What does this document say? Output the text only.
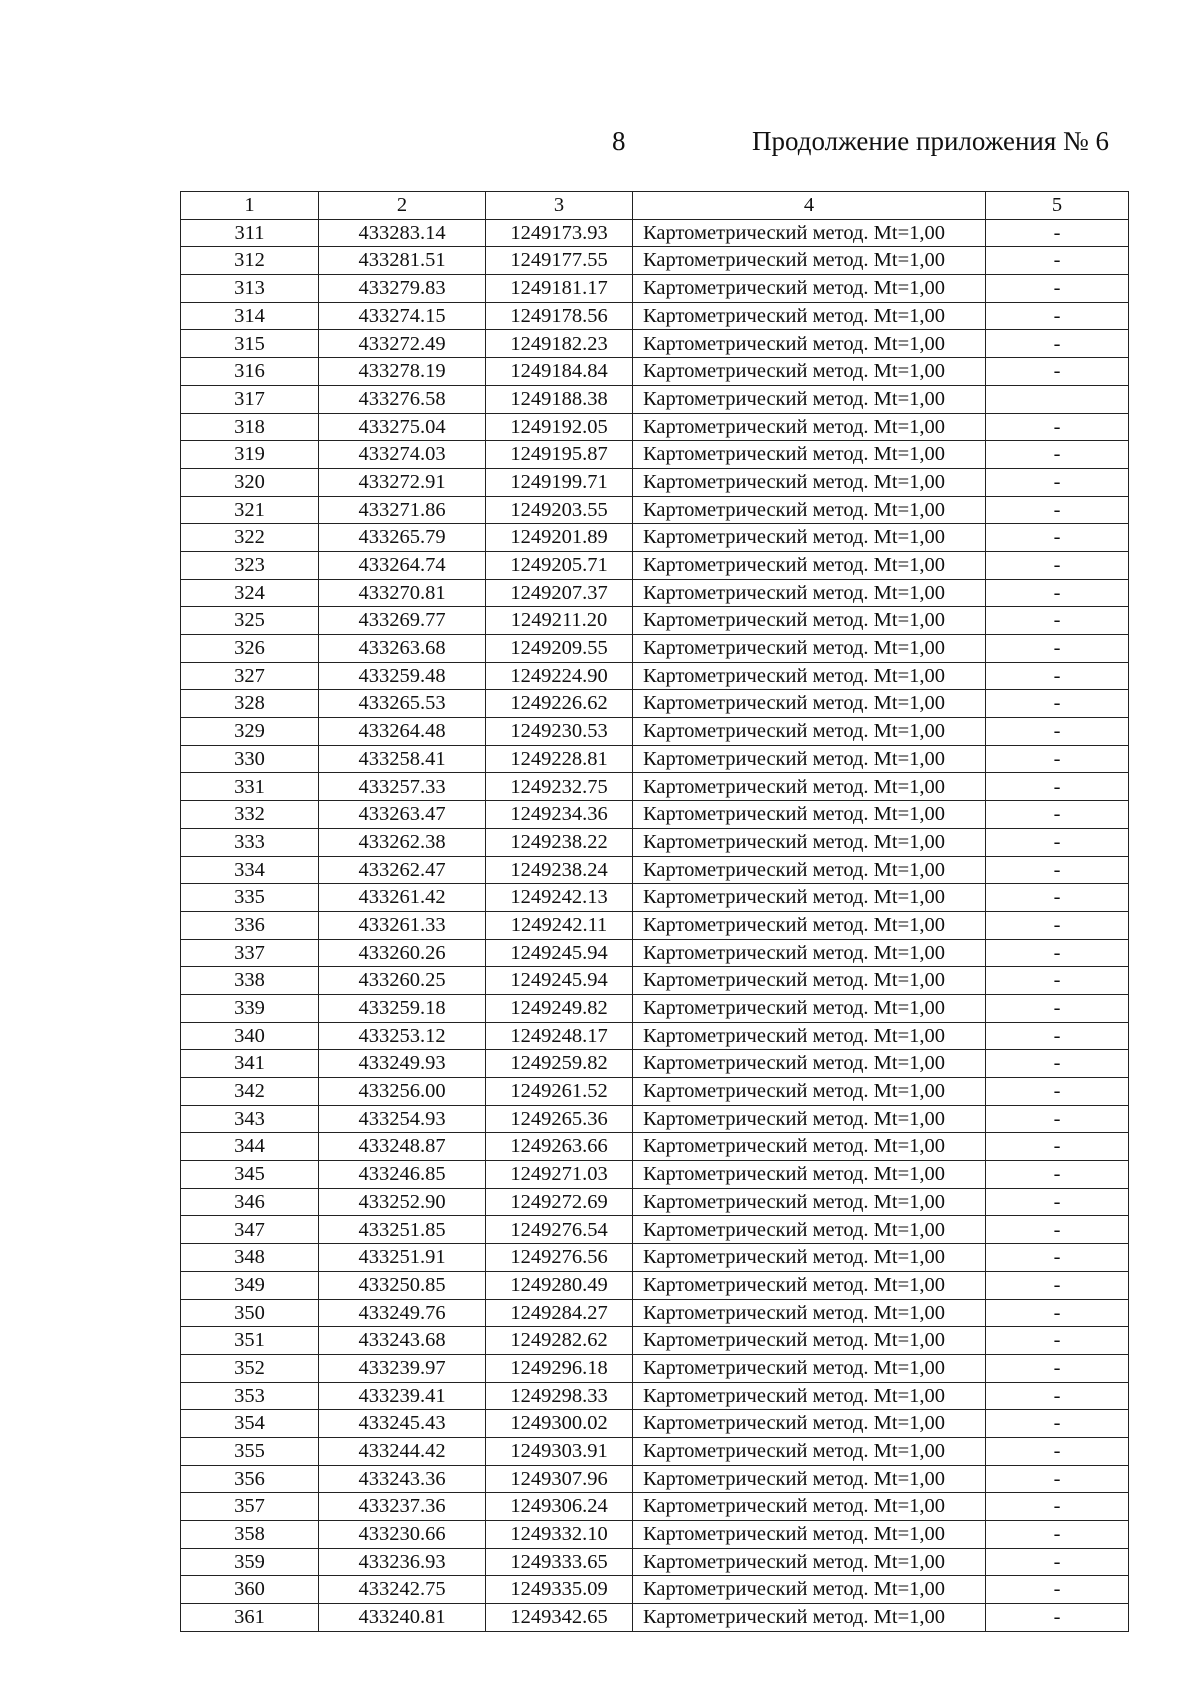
8	Продолжение приложения № 6
1	2	3	4	5
311	433283.14	1249173.93	Картометрический метод. Mt=1,00	-
312	433281.51	1249177.55	Картометрический метод. Mt=1,00	-
313	433279.83	1249181.17	Картометрический метод. Mt=1,00	-
314	433274.15	1249178.56	Картометрический метод. Mt=1,00	-
315	433272.49	1249182.23	Картометрический метод. Mt=1,00	-
316	433278.19	1249184.84	Картометрический метод. Mt=1,00	-
317	433276.58	1249188.38	Картометрический метод. Mt=1,00	
318	433275.04	1249192.05	Картометрический метод. Mt=1,00	-
319	433274.03	1249195.87	Картометрический метод. Mt=1,00	-
320	433272.91	1249199.71	Картометрический метод. Mt=1,00	-
321	433271.86	1249203.55	Картометрический метод. Mt=1,00	-
322	433265.79	1249201.89	Картометрический метод. Mt=1,00	-
323	433264.74	1249205.71	Картометрический метод. Mt=1,00	-
324	433270.81	1249207.37	Картометрический метод. Mt=1,00	-
325	433269.77	1249211.20	Картометрический метод. Mt=1,00	-
326	433263.68	1249209.55	Картометрический метод. Mt=1,00	-
327	433259.48	1249224.90	Картометрический метод. Mt=1,00	-
328	433265.53	1249226.62	Картометрический метод. Mt=1,00	-
329	433264.48	1249230.53	Картометрический метод. Mt=1,00	-
330	433258.41	1249228.81	Картометрический метод. Mt=1,00	-
331	433257.33	1249232.75	Картометрический метод. Mt=1,00	-
332	433263.47	1249234.36	Картометрический метод. Mt=1,00	-
333	433262.38	1249238.22	Картометрический метод. Mt=1,00	-
334	433262.47	1249238.24	Картометрический метод. Mt=1,00	-
335	433261.42	1249242.13	Картометрический метод. Mt=1,00	-
336	433261.33	1249242.11	Картометрический метод. Mt=1,00	-
337	433260.26	1249245.94	Картометрический метод. Mt=1,00	-
338	433260.25	1249245.94	Картометрический метод. Mt=1,00	-
339	433259.18	1249249.82	Картометрический метод. Mt=1,00	-
340	433253.12	1249248.17	Картометрический метод. Mt=1,00	-
341	433249.93	1249259.82	Картометрический метод. Mt=1,00	-
342	433256.00	1249261.52	Картометрический метод. Mt=1,00	-
343	433254.93	1249265.36	Картометрический метод. Mt=1,00	-
344	433248.87	1249263.66	Картометрический метод. Mt=1,00	-
345	433246.85	1249271.03	Картометрический метод. Mt=1,00	-
346	433252.90	1249272.69	Картометрический метод. Mt=1,00	-
347	433251.85	1249276.54	Картометрический метод. Mt=1,00	-
348	433251.91	1249276.56	Картометрический метод. Mt=1,00	-
349	433250.85	1249280.49	Картометрический метод. Mt=1,00	-
350	433249.76	1249284.27	Картометрический метод. Mt=1,00	-
351	433243.68	1249282.62	Картометрический метод. Mt=1,00	-
352	433239.97	1249296.18	Картометрический метод. Mt=1,00	-
353	433239.41	1249298.33	Картометрический метод. Mt=1,00	-
354	433245.43	1249300.02	Картометрический метод. Mt=1,00	-
355	433244.42	1249303.91	Картометрический метод. Mt=1,00	-
356	433243.36	1249307.96	Картометрический метод. Mt=1,00	-
357	433237.36	1249306.24	Картометрический метод. Mt=1,00	-
358	433230.66	1249332.10	Картометрический метод. Mt=1,00	-
359	433236.93	1249333.65	Картометрический метод. Mt=1,00	-
360	433242.75	1249335.09	Картометрический метод. Mt=1,00	-
361	433240.81	1249342.65	Картометрический метод. Mt=1,00	-
